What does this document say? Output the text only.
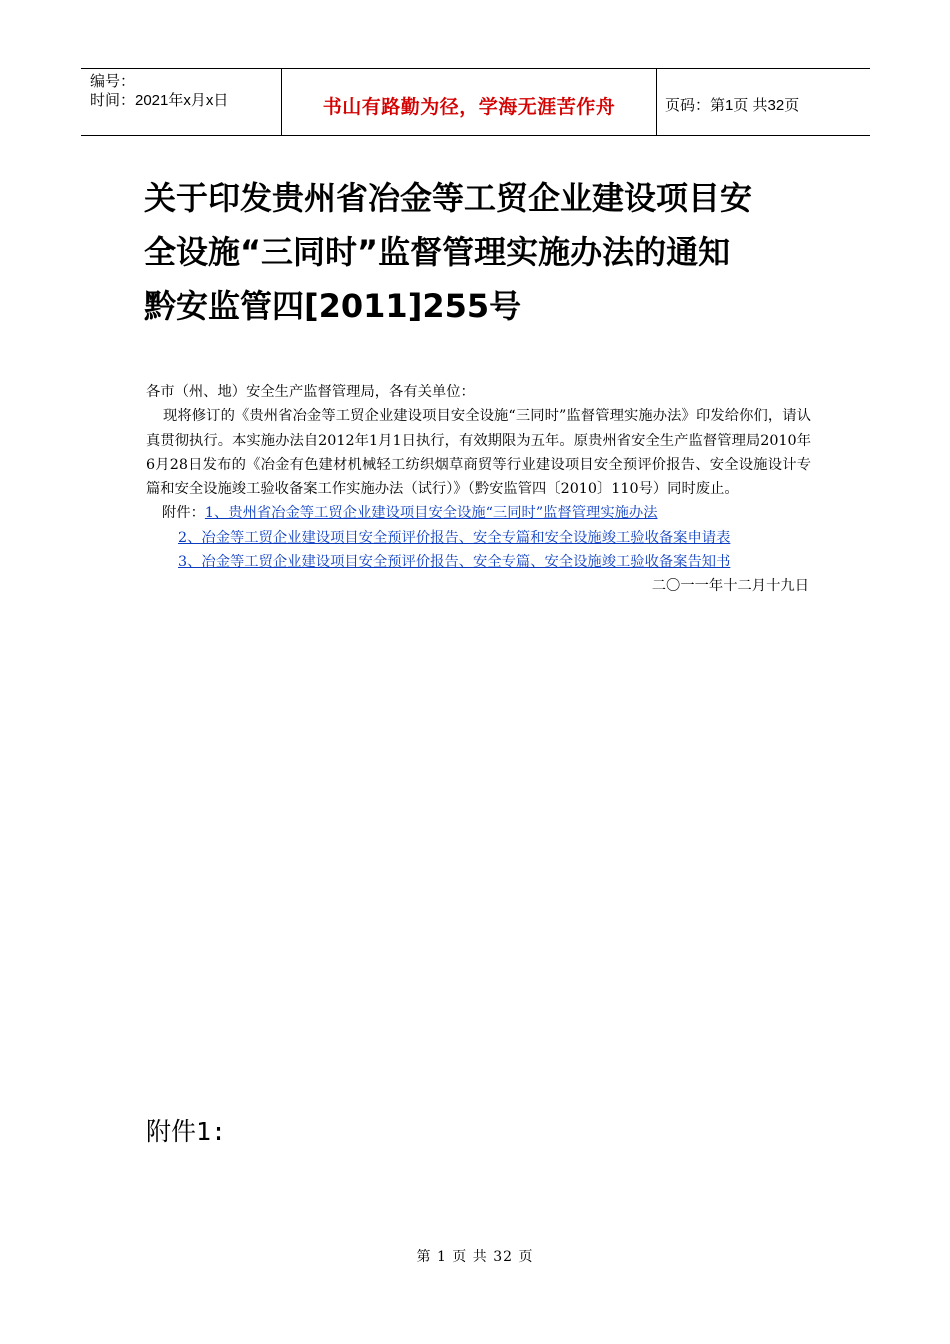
编号：
时间：2021年x月x日	书山有路勤为径，学海无涯苦作舟	页码：第1页 共32页
关于印发贵州省冶金等工贸企业建设项目安
全设施“三同时”监督管理实施办法的通知
黔安监管四[2011]255号

各市（州、地）安全生产监督管理局，各有关单位：

现将修订的《贵州省冶金等工贸企业建设项目安全设施“三同时”监督管理实施办法》印发给你们，请认真贯彻执行。本实施办法自2012年1月1日执行，有效期限为五年。原贵州省安全生产监督管理局2010年6月28日发布的《冶金有色建材机械轻工纺织烟草商贸等行业建设项目安全预评价报告、安全设施设计专篇和安全设施竣工验收备案工作实施办法（试行）》（黔安监管四〔2010〕110号）同时废止。

附件：1、贵州省冶金等工贸企业建设项目安全设施“三同时”监督管理实施办法

2、冶金等工贸企业建设项目安全预评价报告、安全专篇和安全设施竣工验收备案申请表

3、冶金等工贸企业建设项目安全预评价报告、安全专篇、安全设施竣工验收备案告知书

二〇一一年十二月十九日

附件1:
第 1 页 共 32 页
